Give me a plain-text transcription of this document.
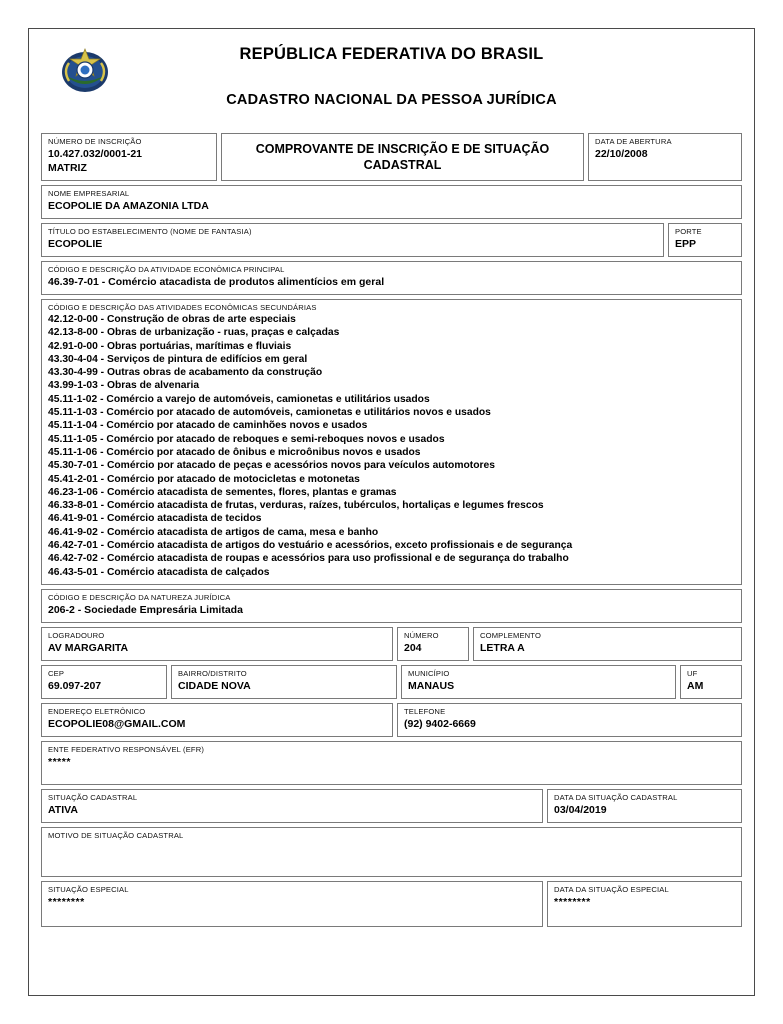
REPÚBLICA FEDERATIVA DO BRASIL
CADASTRO NACIONAL DA PESSOA JURÍDICA
NÚMERO DE INSCRIÇÃO
10.427.032/0001-21
MATRIZ
COMPROVANTE DE INSCRIÇÃO E DE SITUAÇÃO CADASTRAL
DATA DE ABERTURA
22/10/2008
NOME EMPRESARIAL
ECOPOLIE DA AMAZONIA LTDA
TÍTULO DO ESTABELECIMENTO (NOME DE FANTASIA)
ECOPOLIE
PORTE
EPP
CÓDIGO E DESCRIÇÃO DA ATIVIDADE ECONÔMICA PRINCIPAL
46.39-7-01 - Comércio atacadista de produtos alimentícios em geral
CÓDIGO E DESCRIÇÃO DAS ATIVIDADES ECONÔMICAS SECUNDÁRIAS
42.12-0-00 - Construção de obras de arte especiais
42.13-8-00 - Obras de urbanização - ruas, praças e calçadas
42.91-0-00 - Obras portuárias, marítimas e fluviais
43.30-4-04 - Serviços de pintura de edifícios em geral
43.30-4-99 - Outras obras de acabamento da construção
43.99-1-03 - Obras de alvenaria
45.11-1-02 - Comércio a varejo de automóveis, camionetas e utilitários usados
45.11-1-03 - Comércio por atacado de automóveis, camionetas e utilitários novos e usados
45.11-1-04 - Comércio por atacado de caminhões novos e usados
45.11-1-05 - Comércio por atacado de reboques e semi-reboques novos e usados
45.11-1-06 - Comércio por atacado de ônibus e microônibus novos e usados
45.30-7-01 - Comércio por atacado de peças e acessórios novos para veículos automotores
45.41-2-01 - Comércio por atacado de motocicletas e motonetas
46.23-1-06 - Comércio atacadista de sementes, flores, plantas e gramas
46.33-8-01 - Comércio atacadista de frutas, verduras, raízes, tubérculos, hortaliças e legumes frescos
46.41-9-01 - Comércio atacadista de tecidos
46.41-9-02 - Comércio atacadista de artigos de cama, mesa e banho
46.42-7-01 - Comércio atacadista de artigos do vestuário e acessórios, exceto profissionais e de segurança
46.42-7-02 - Comércio atacadista de roupas e acessórios para uso profissional e de segurança do trabalho
46.43-5-01 - Comércio atacadista de calçados
CÓDIGO E DESCRIÇÃO DA NATUREZA JURÍDICA
206-2 - Sociedade Empresária Limitada
LOGRADOURO
AV MARGARITA
NÚMERO
204
COMPLEMENTO
LETRA A
CEP
69.097-207
BAIRRO/DISTRITO
CIDADE NOVA
MUNICÍPIO
MANAUS
UF
AM
ENDEREÇO ELETRÔNICO
ECOPOLIE08@GMAIL.COM
TELEFONE
(92) 9402-6669
ENTE FEDERATIVO RESPONSÁVEL (EFR)
*****
SITUAÇÃO CADASTRAL
ATIVA
DATA DA SITUAÇÃO CADASTRAL
03/04/2019
MOTIVO DE SITUAÇÃO CADASTRAL
SITUAÇÃO ESPECIAL
********
DATA DA SITUAÇÃO ESPECIAL
********
